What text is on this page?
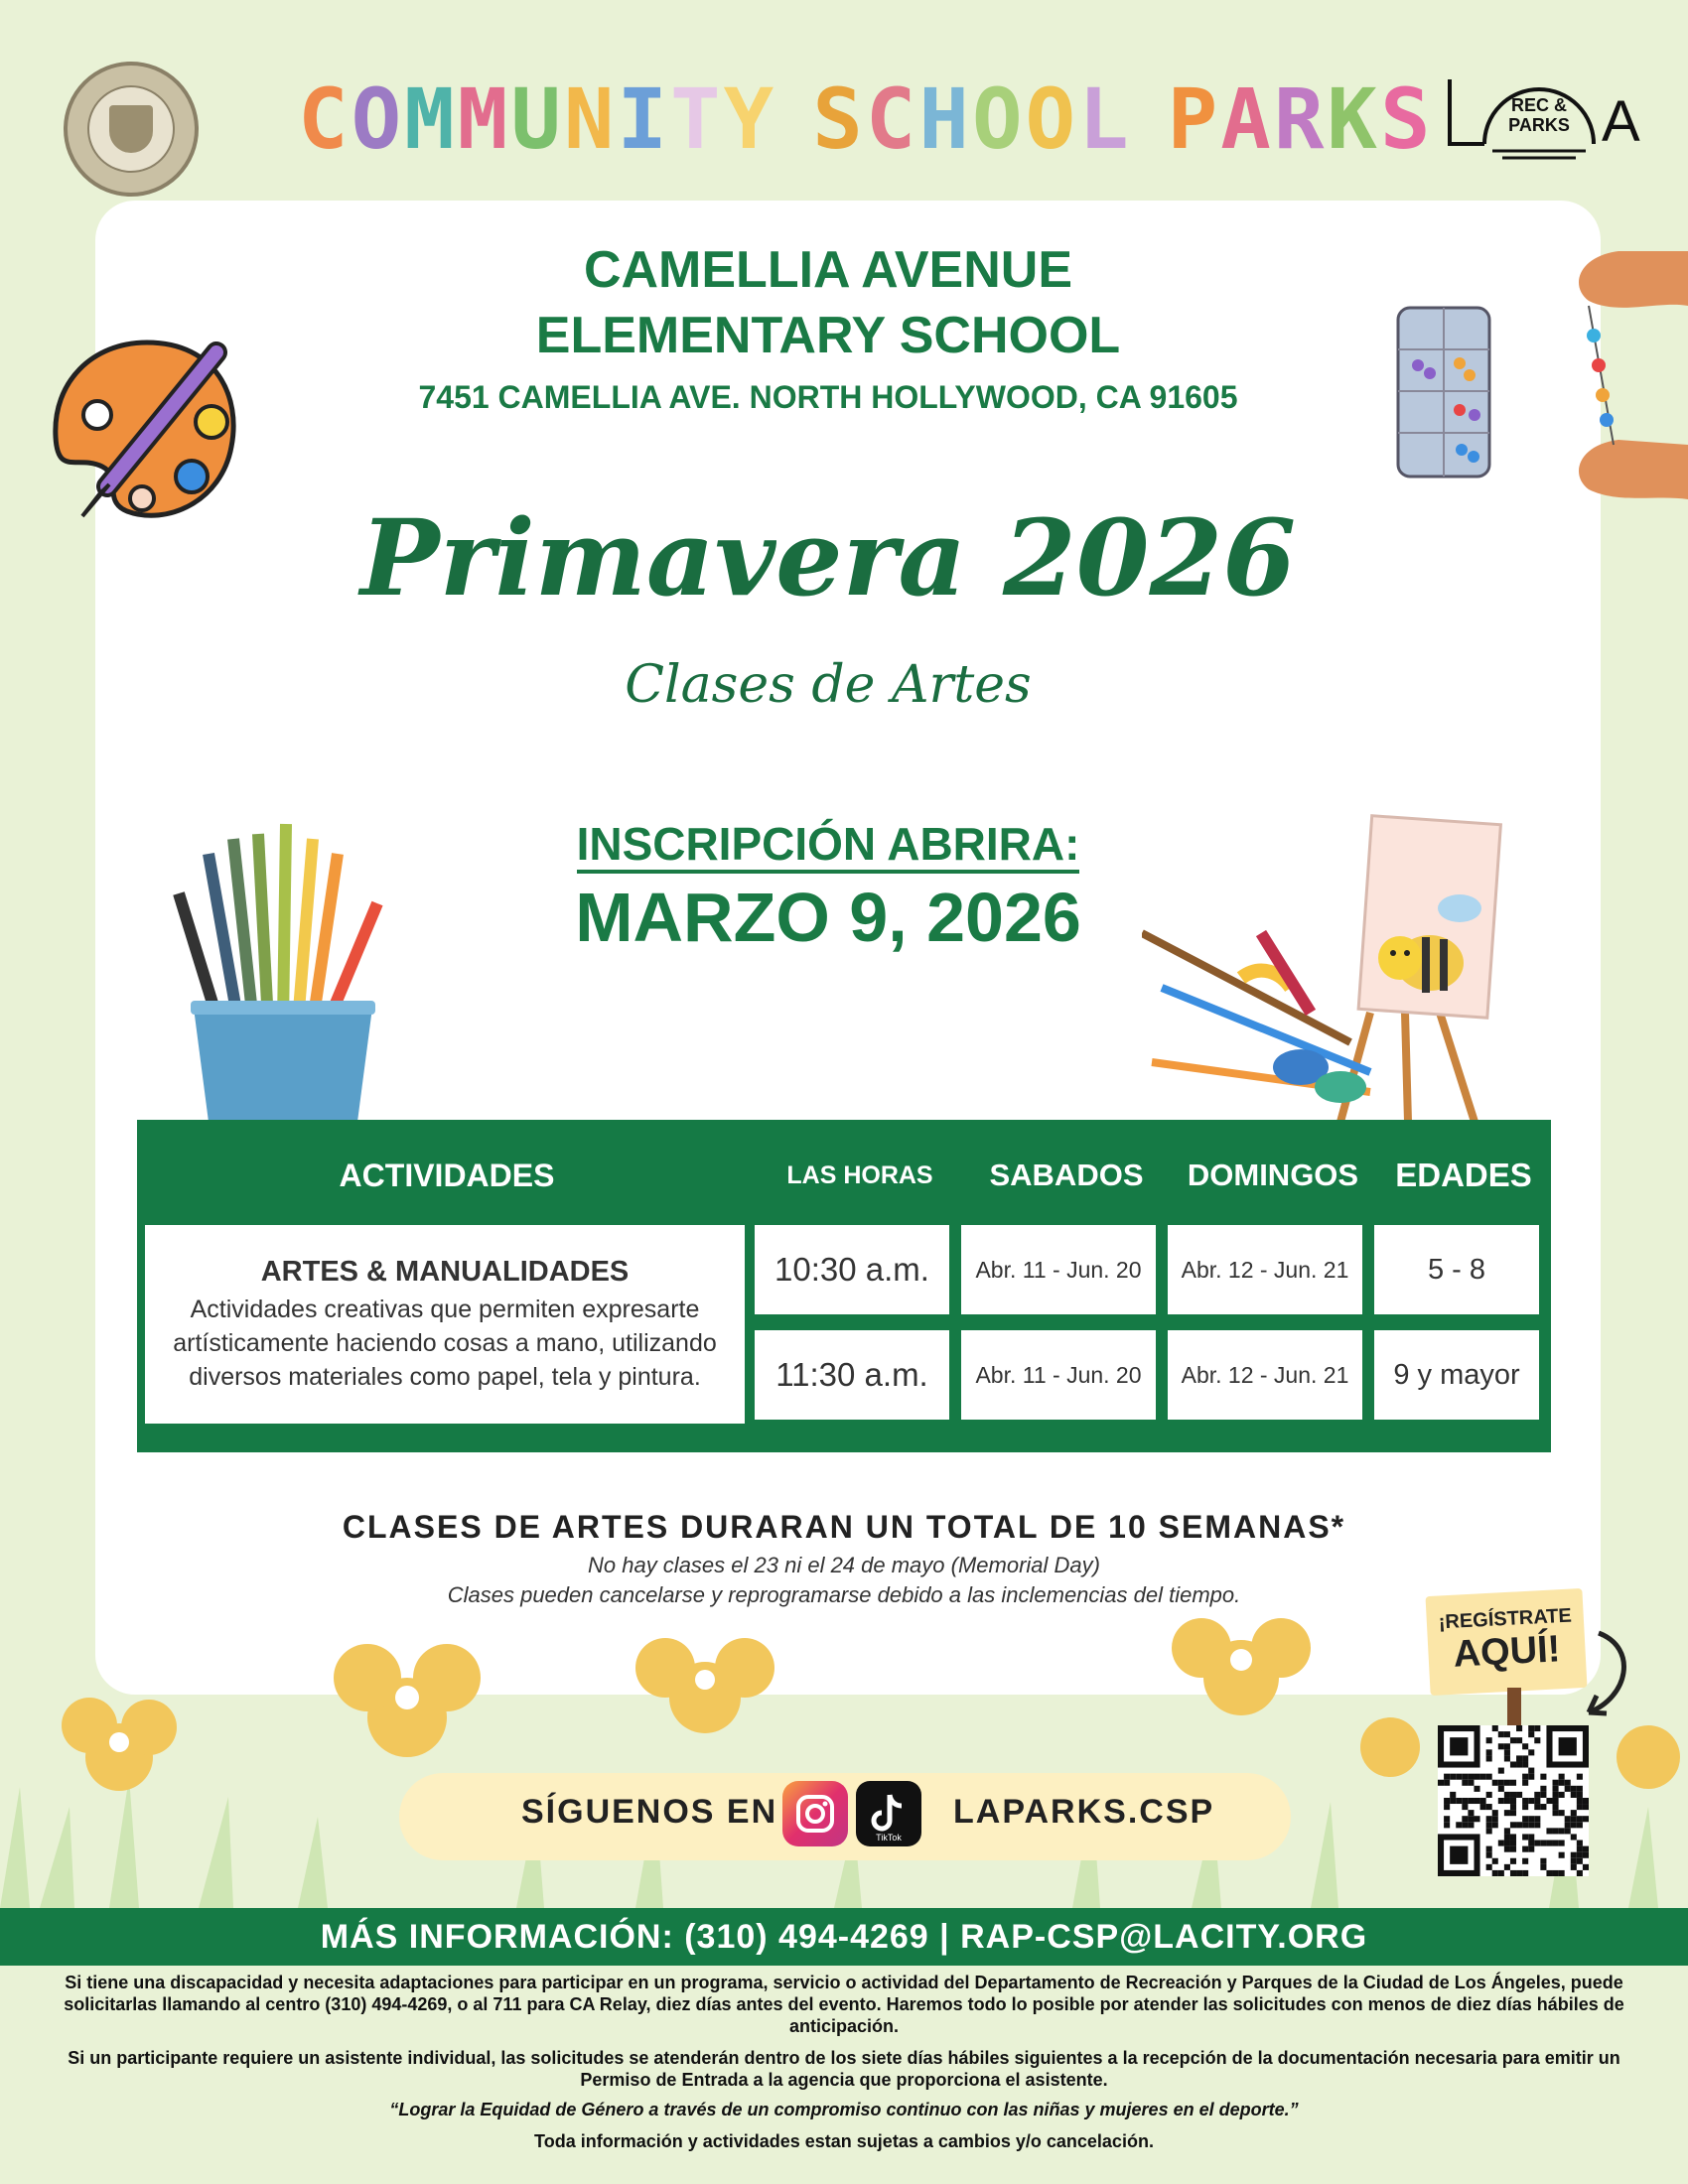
COMMUNITY SCHOOL PARKS	REC &
PARKS A
CAMELLIA AVENUE
ELEMENTARY SCHOOL
7451 CAMELLIA AVE. NORTH HOLLYWOOD, CA 91605
Primavera 2026
Clases de Artes
INSCRIPCIÓN ABRIRA:
MARZO 9, 2026
ACTIVIDADES	LAS HORAS	SABADOS	DOMINGOS	EDADES
ARTES & MANUALIDADES
Actividades creativas que permiten expresarte artísticamente haciendo cosas a mano, utilizando diversos materiales como papel, tela y pintura.
10:30 a.m.	Abr. 11 - Jun. 20	Abr. 12 - Jun. 21	5 - 8
11:30 a.m.	Abr. 11 - Jun. 20	Abr. 12 - Jun. 21	9 y mayor
CLASES DE ARTES DURARAN UN TOTAL DE 10 SEMANAS*
No hay clases el 23 ni el 24 de mayo (Memorial Day)
Clases pueden cancelarse y reprogramarse debido a las inclemencias del tiempo.
SÍGUENOS EN
TikTok
LAPARKS.CSP
¡REGÍSTRATE
AQUÍ!
MÁS INFORMACIÓN: (310) 494-4269 | RAP-CSP@LACITY.ORG
Si tiene una discapacidad y necesita adaptaciones para participar en un programa, servicio o actividad del Departamento de Recreación y Parques de la Ciudad de Los Ángeles, puede solicitarlas llamando al centro (310) 494-4269, o al 711 para CA Relay, diez días antes del evento. Haremos todo lo posible por atender las solicitudes con menos de diez días hábiles de anticipación.
Si un participante requiere un asistente individual, las solicitudes se atenderán dentro de los siete días hábiles siguientes a la recepción de la documentación necesaria para emitir un Permiso de Entrada a la agencia que proporciona el asistente.
“Lograr la Equidad de Género a través de un compromiso continuo con las niñas y mujeres en el deporte.”
Toda información y actividades estan sujetas a cambios y/o cancelación.
